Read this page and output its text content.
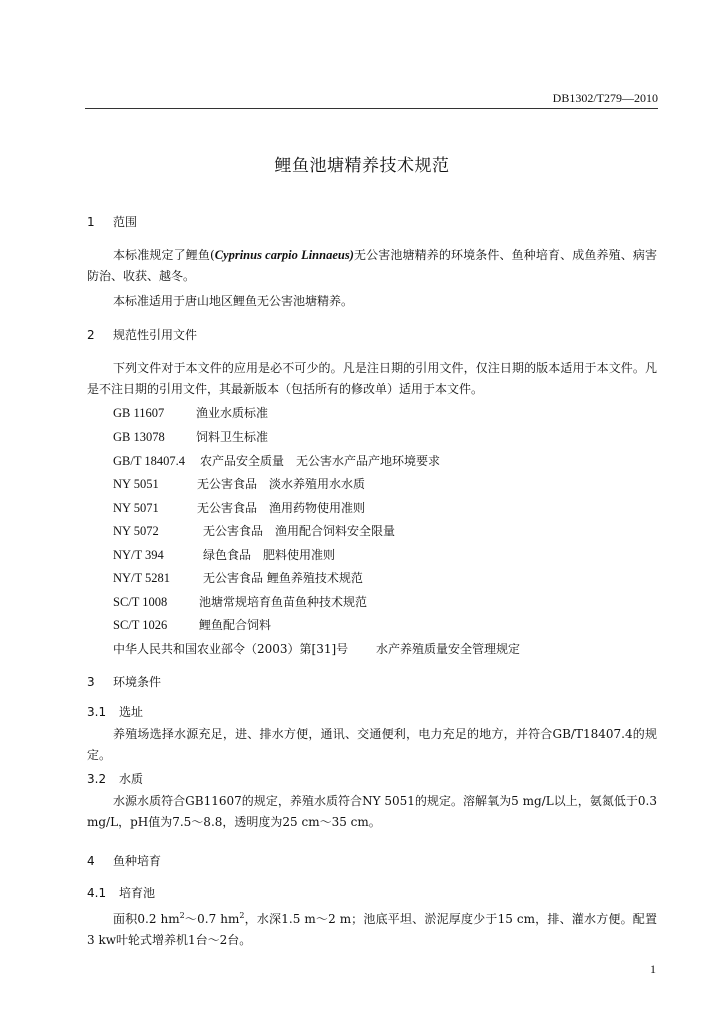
DB1302/T279—2010
鲤鱼池塘精养技术规范
1 范围
本标准规定了鲤鱼(Cyprinus carpio Linnaeus)无公害池塘精养的环境条件、鱼种培育、成鱼养殖、病害防治、收获、越冬。
本标准适用于唐山地区鲤鱼无公害池塘精养。
2 规范性引用文件
下列文件对于本文件的应用是必不可少的。凡是注日期的引用文件，仅注日期的版本适用于本文件。凡是不注日期的引用文件，其最新版本（包括所有的修改单）适用于本文件。
GB 11607	渔业水质标准
GB 13078	饲料卫生标准
GB/T 18407.4 农产品安全质量　无公害水产品产地环境要求
NY 5051	无公害食品　淡水养殖用水水质
NY 5071	无公害食品　渔用药物使用准则
NY 5072	无公害食品　渔用配合饲料安全限量
NY/T 394	绿色食品　肥料使用准则
NY/T 5281	无公害食品 鲤鱼养殖技术规范
SC/T 1008	池塘常规培育鱼苗鱼种技术规范
SC/T 1026	鲤鱼配合饲料
中华人民共和国农业部令（2003）第[31]号 水产养殖质量安全管理规定
3 环境条件
3.1 选址
养殖场选择水源充足，进、排水方便，通讯、交通便利，电力充足的地方，并符合GB/T18407.4的规定。
3.2 水质
水源水质符合GB11607的规定，养殖水质符合NY 5051的规定。溶解氧为5 mg/L以上，氨氮低于0.3 mg/L，pH值为7.5～8.8，透明度为25 cm～35 cm。
4 鱼种培育
4.1 培育池
面积0.2 $hm^2\sim 0.7$ $hm^2$，水深1.5 m～2 m；池底平坦、淤泥厚度少于15 cm，排、灌水方便。配置3 kw叶轮式增养机1台～2台。
1
